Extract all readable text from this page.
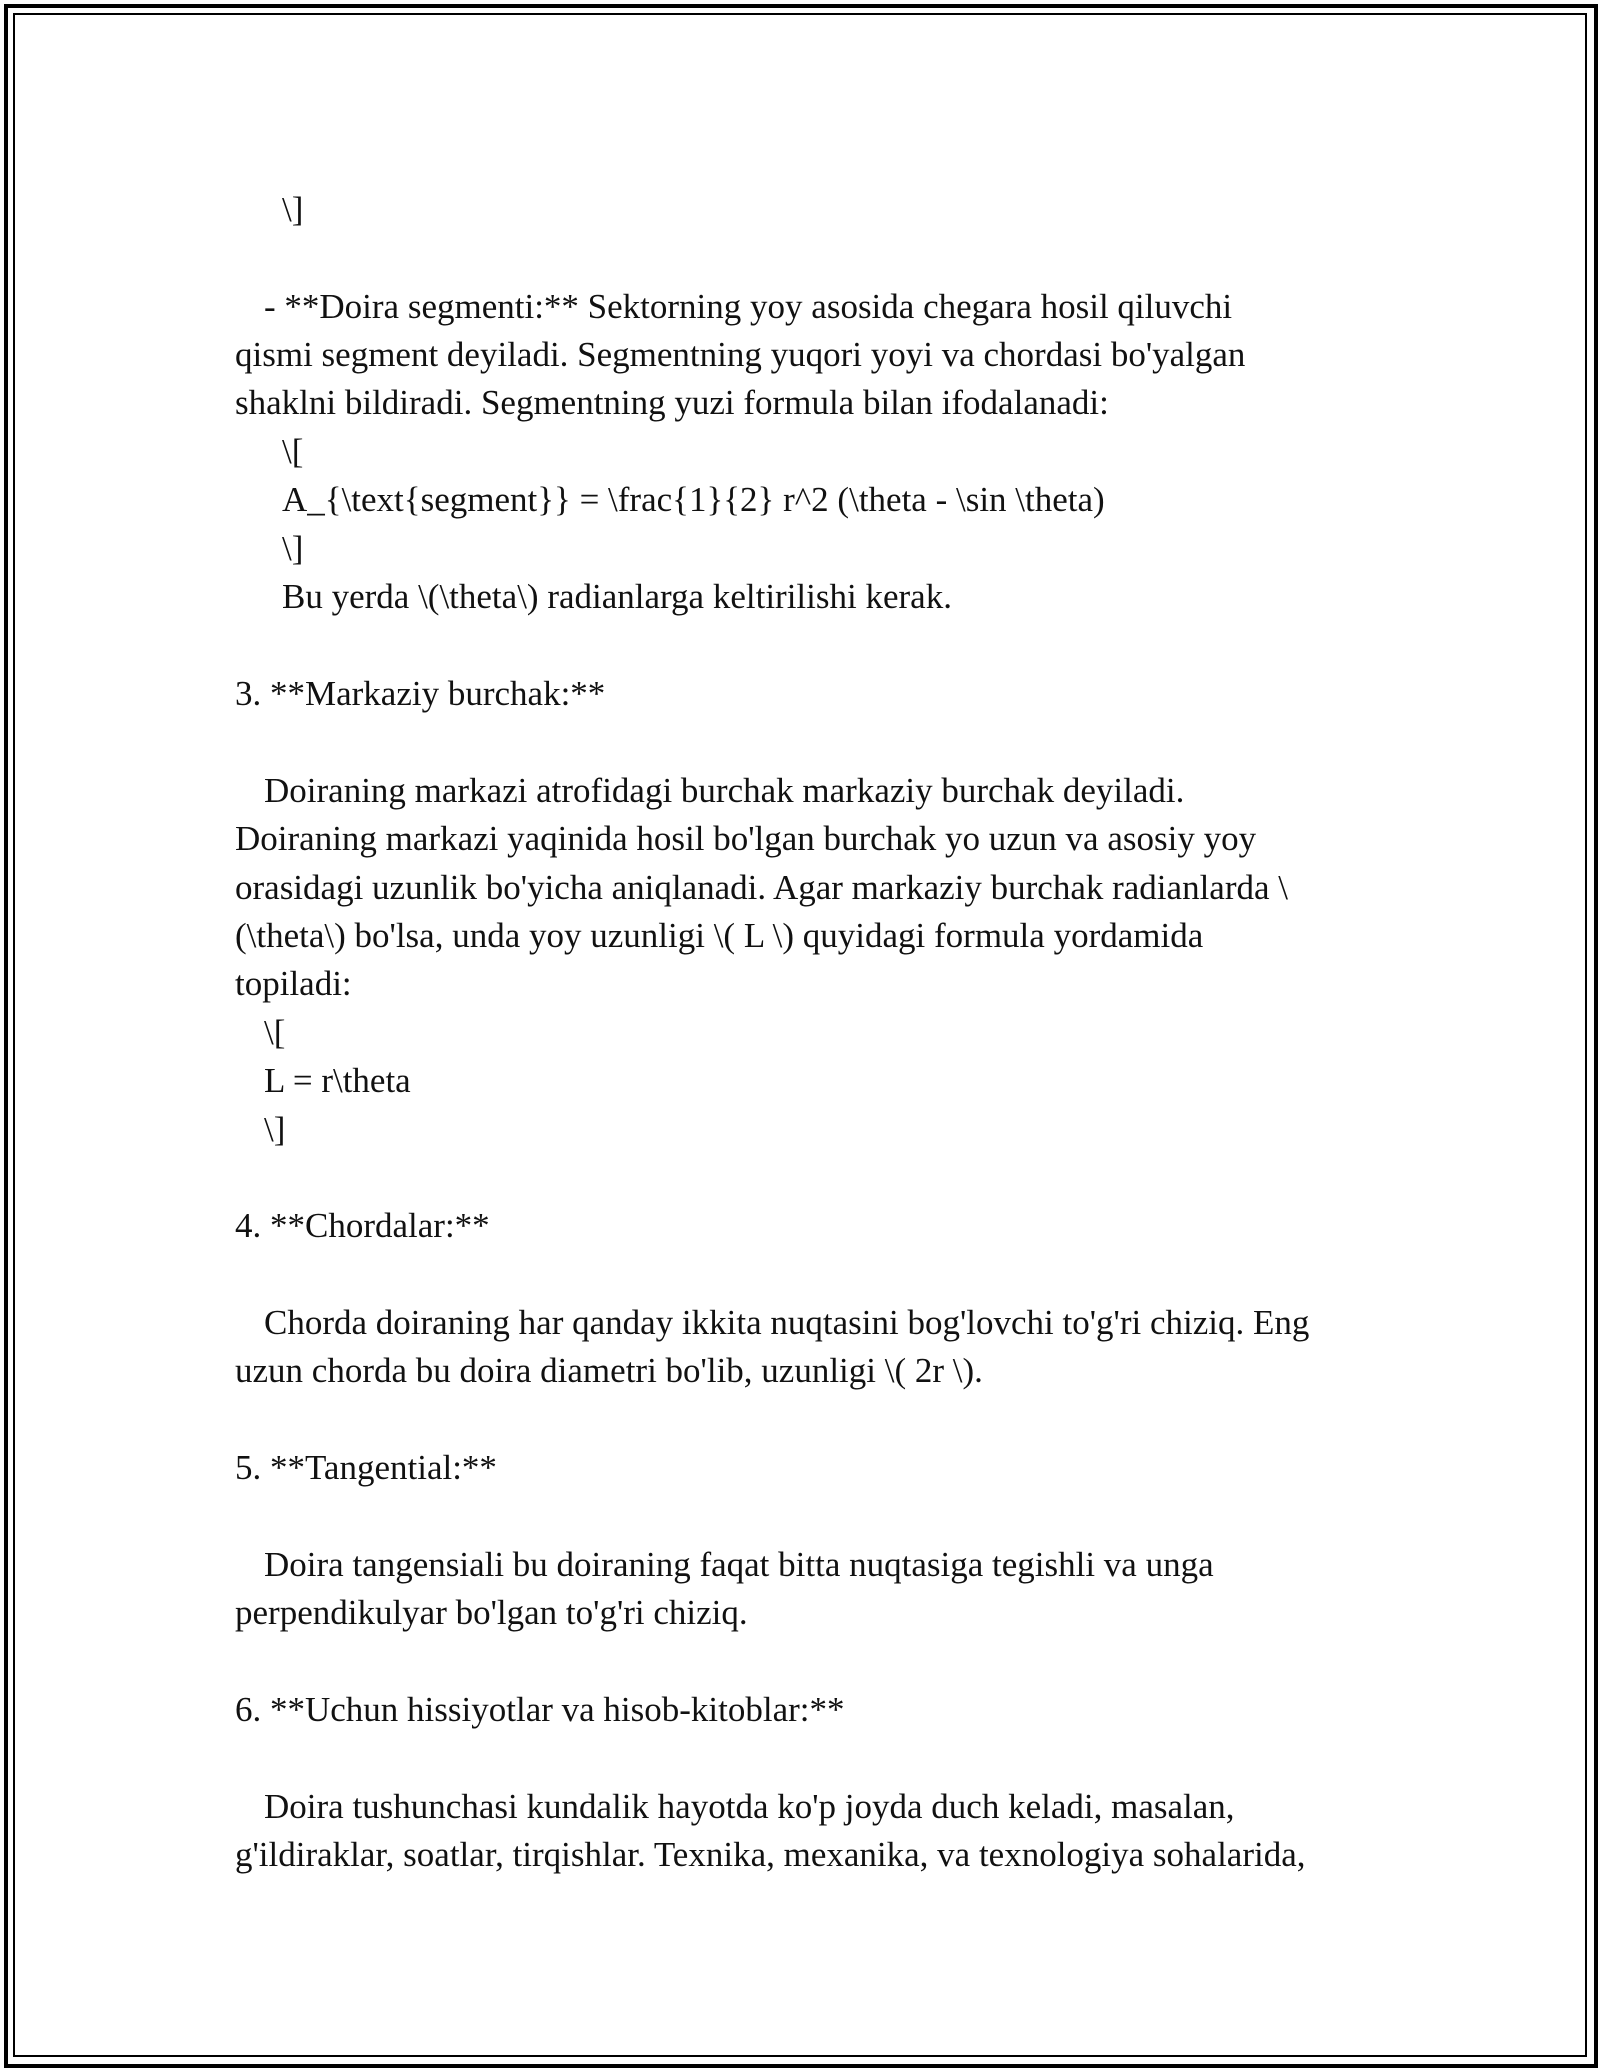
\]

- **Doira segmenti:** Sektorning yoy asosida chegara hosil qiluvchi

qismi segment deyiladi. Segmentning yuqori yoyi va chordasi bo'yalgan

shaklni bildiradi. Segmentning yuzi formula bilan ifodalanadi:

\[

A_{\text{segment}} = \frac{1}{2} r^2 (\theta - \sin \theta)

\]

Bu yerda \(\theta\) radianlarga keltirilishi kerak.

3. **Markaziy burchak:**

Doiraning markazi atrofidagi burchak markaziy burchak deyiladi.

Doiraning markazi yaqinida hosil bo'lgan burchak yo uzun va asosiy yoy

orasidagi uzunlik bo'yicha aniqlanadi. Agar markaziy burchak radianlarda \

(\theta\) bo'lsa, unda yoy uzunligi \( L \) quyidagi formula yordamida

topiladi:

\[

L = r\theta

\]

4. **Chordalar:**

Chorda doiraning har qanday ikkita nuqtasini bog'lovchi to'g'ri chiziq. Eng

uzun chorda bu doira diametri bo'lib, uzunligi \( 2r \).

5. **Tangential:**

Doira tangensiali bu doiraning faqat bitta nuqtasiga tegishli va unga

perpendikulyar bo'lgan to'g'ri chiziq.

6. **Uchun hissiyotlar va hisob-kitoblar:**

Doira tushunchasi kundalik hayotda ko'p joyda duch keladi, masalan,

g'ildiraklar, soatlar, tirqishlar. Texnika, mexanika, va texnologiya sohalarida,
